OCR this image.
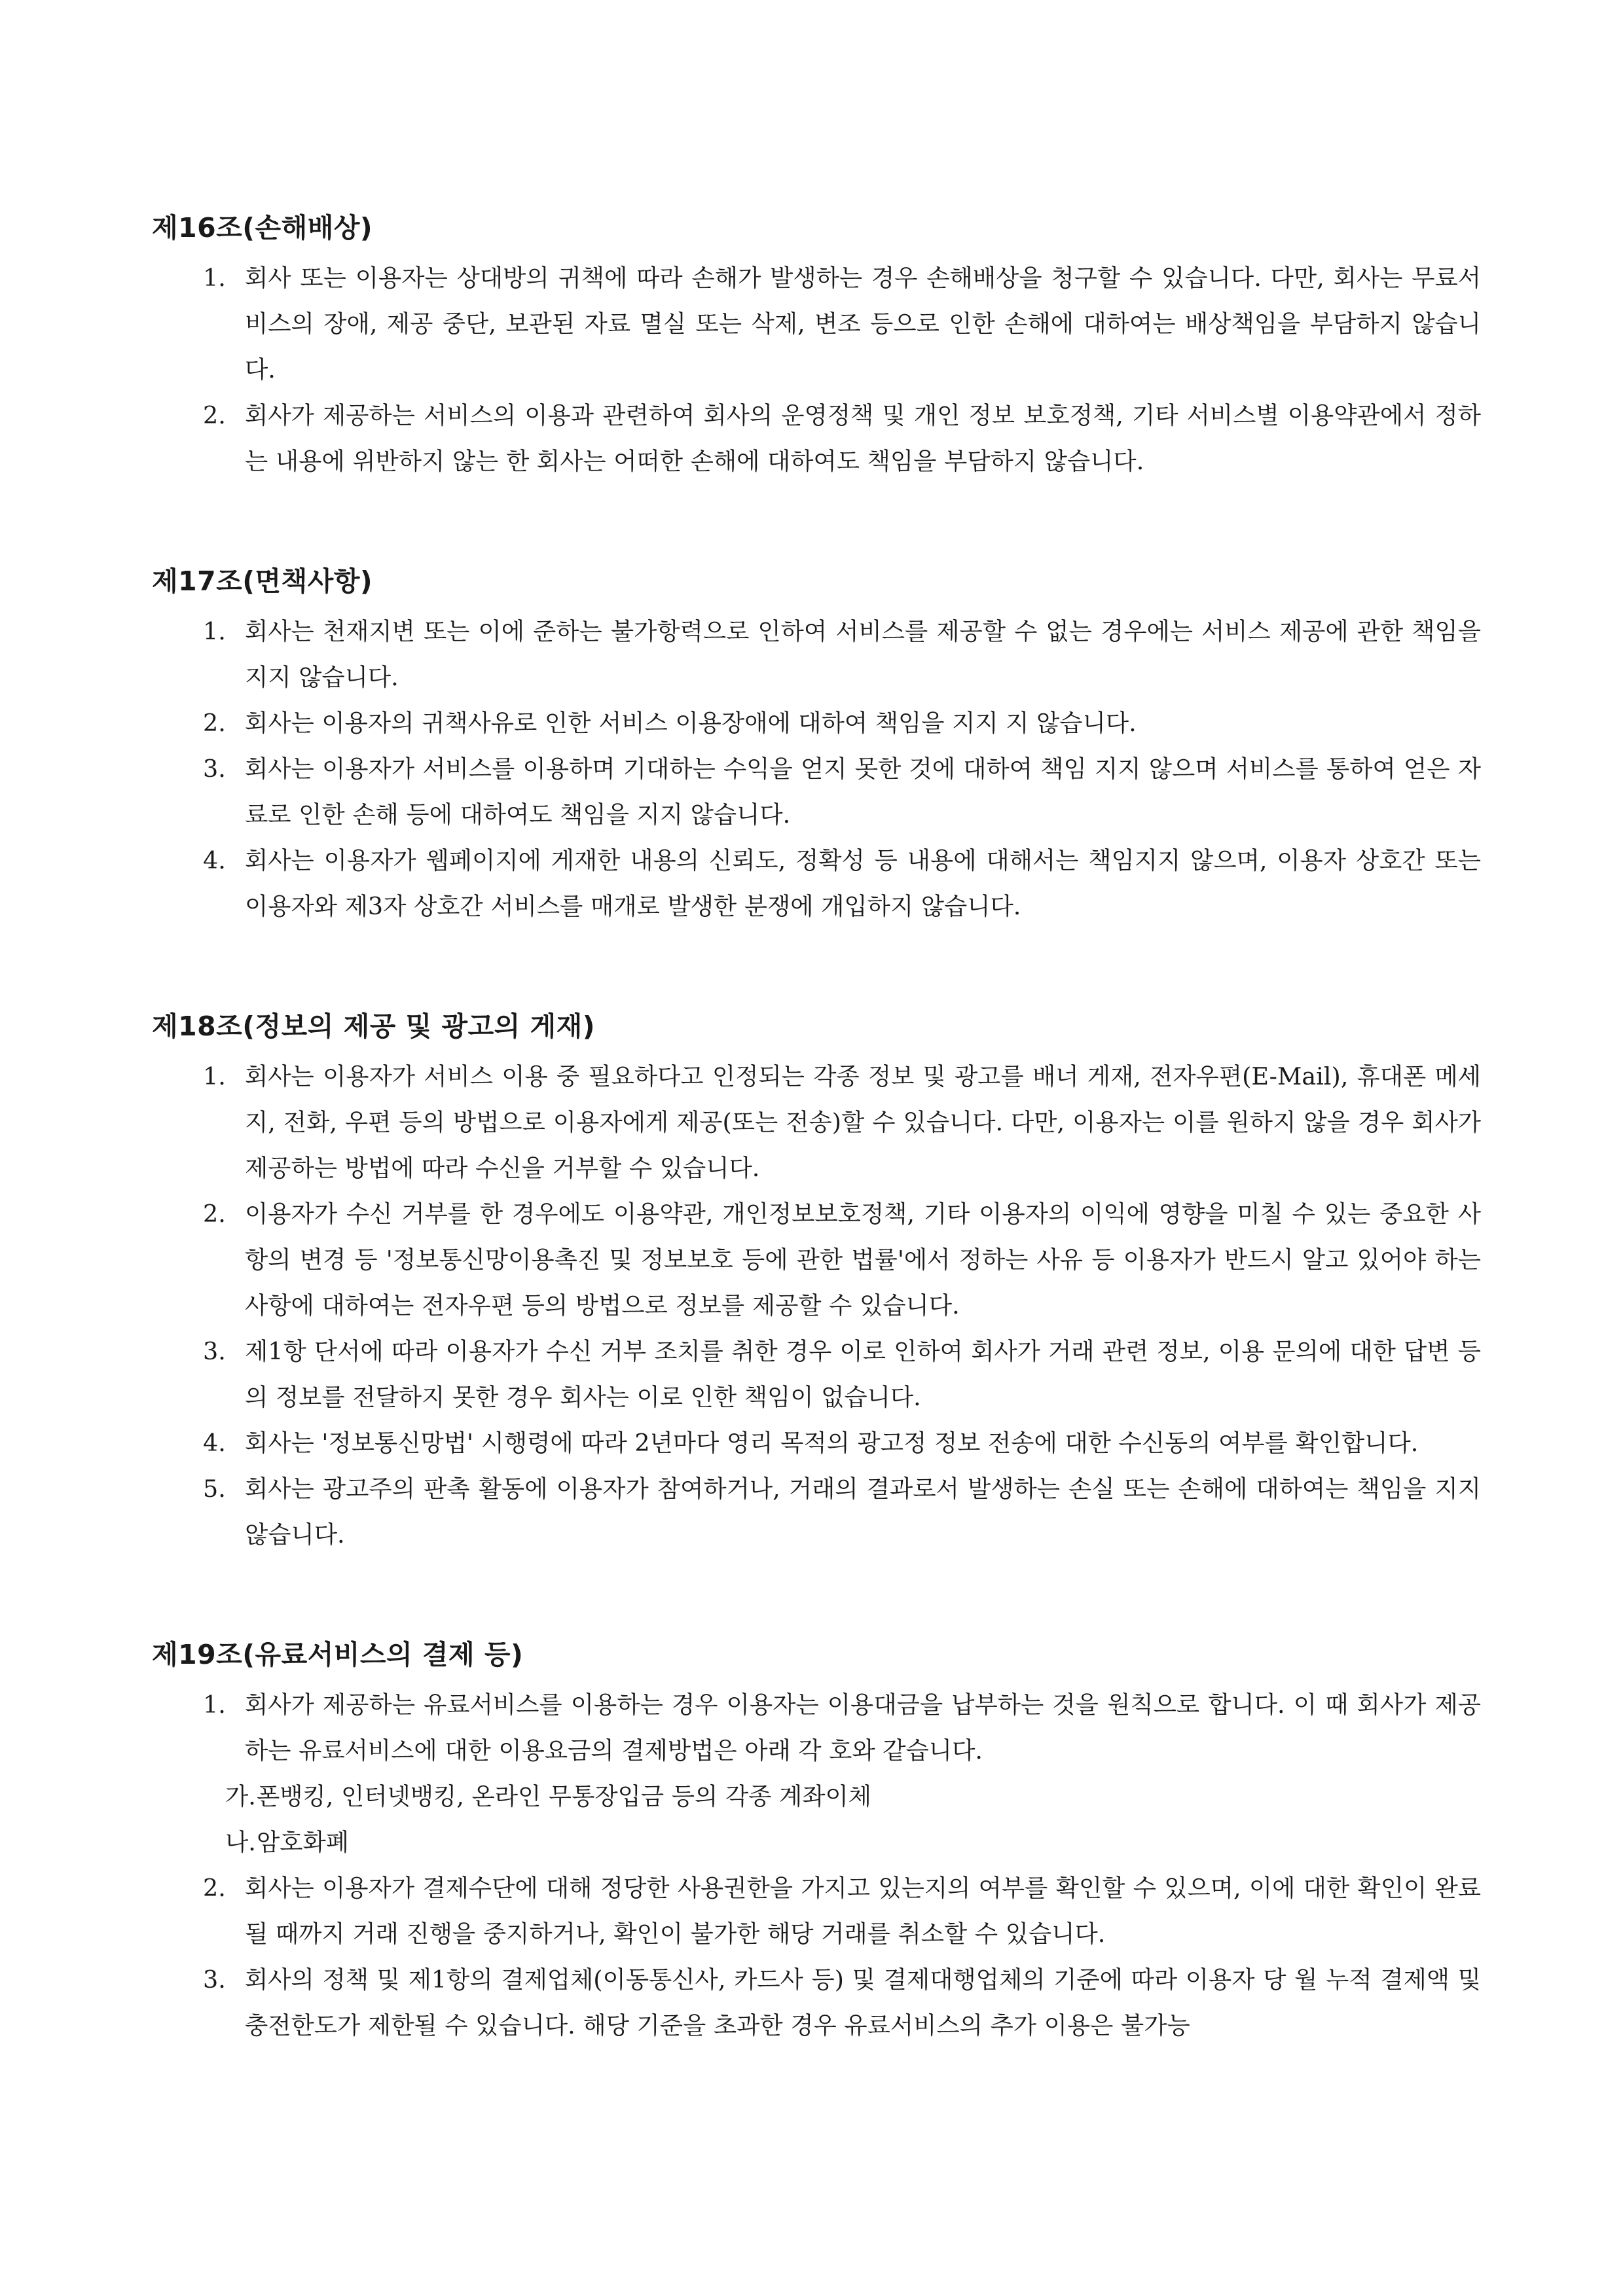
제16조(손해배상)
1. 회사 또는 이용자는 상대방의 귀책에 따라 손해가 발생하는 경우 손해배상을 청구할 수 있습니다. 다만, 회사는 무료서비스의 장애, 제공 중단, 보관된 자료 멸실 또는 삭제, 변조 등으로 인한 손해에 대하여는 배상책임을 부담하지 않습니다.
2. 회사가 제공하는 서비스의 이용과 관련하여 회사의 운영정책 및 개인 정보 보호정책, 기타 서비스별 이용약관에서 정하는 내용에 위반하지 않는 한 회사는 어떠한 손해에 대하여도 책임을 부담하지 않습니다.
제17조(면책사항)
1. 회사는 천재지변 또는 이에 준하는 불가항력으로 인하여 서비스를 제공할 수 없는 경우에는 서비스 제공에 관한 책임을 지지 않습니다.
2. 회사는 이용자의 귀책사유로 인한 서비스 이용장애에 대하여 책임을 지지 지 않습니다.
3. 회사는 이용자가 서비스를 이용하며 기대하는 수익을 얻지 못한 것에 대하여 책임 지지 않으며 서비스를 통하여 얻은 자료로 인한 손해 등에 대하여도 책임을 지지 않습니다.
4. 회사는 이용자가 웹페이지에 게재한 내용의 신뢰도, 정확성 등 내용에 대해서는 책임지지 않으며, 이용자 상호간 또는 이용자와 제3자 상호간 서비스를 매개로 발생한 분쟁에 개입하지 않습니다.
제18조(정보의 제공 및 광고의 게재)
1. 회사는 이용자가 서비스 이용 중 필요하다고 인정되는 각종 정보 및 광고를 배너 게재, 전자우편(E-Mail), 휴대폰 메세지, 전화, 우편 등의 방법으로 이용자에게 제공(또는 전송)할 수 있습니다. 다만, 이용자는 이를 원하지 않을 경우 회사가 제공하는 방법에 따라 수신을 거부할 수 있습니다.
2. 이용자가 수신 거부를 한 경우에도 이용약관, 개인정보보호정책, 기타 이용자의 이익에 영향을 미칠 수 있는 중요한 사항의 변경 등 '정보통신망이용촉진 및 정보보호 등에 관한 법률'에서 정하는 사유 등 이용자가 반드시 알고 있어야 하는 사항에 대하여는 전자우편 등의 방법으로 정보를 제공할 수 있습니다.
3. 제1항 단서에 따라 이용자가 수신 거부 조치를 취한 경우 이로 인하여 회사가 거래 관련 정보, 이용 문의에 대한 답변 등의 정보를 전달하지 못한 경우 회사는 이로 인한 책임이 없습니다.
4. 회사는 '정보통신망법' 시행령에 따라 2년마다 영리 목적의 광고정 정보 전송에 대한 수신동의 여부를 확인합니다.
5. 회사는 광고주의 판촉 활동에 이용자가 참여하거나, 거래의 결과로서 발생하는 손실 또는 손해에 대하여는 책임을 지지 않습니다.
제19조(유료서비스의 결제 등)
1. 회사가 제공하는 유료서비스를 이용하는 경우 이용자는 이용대금을 납부하는 것을 원칙으로 합니다. 이 때 회사가 제공하는 유료서비스에 대한 이용요금의 결제방법은 아래 각 호와 같습니다.
가. 폰뱅킹, 인터넷뱅킹, 온라인 무통장입금 등의 각종 계좌이체
나. 암호화폐
2. 회사는 이용자가 결제수단에 대해 정당한 사용권한을 가지고 있는지의 여부를 확인할 수 있으며, 이에 대한 확인이 완료될 때까지 거래 진행을 중지하거나, 확인이 불가한 해당 거래를 취소할 수 있습니다.
3. 회사의 정책 및 제1항의 결제업체(이동통신사, 카드사 등) 및 결제대행업체의 기준에 따라 이용자 당 월 누적 결제액 및 충전한도가 제한될 수 있습니다. 해당 기준을 초과한 경우 유료서비스의 추가 이용은 불가능
